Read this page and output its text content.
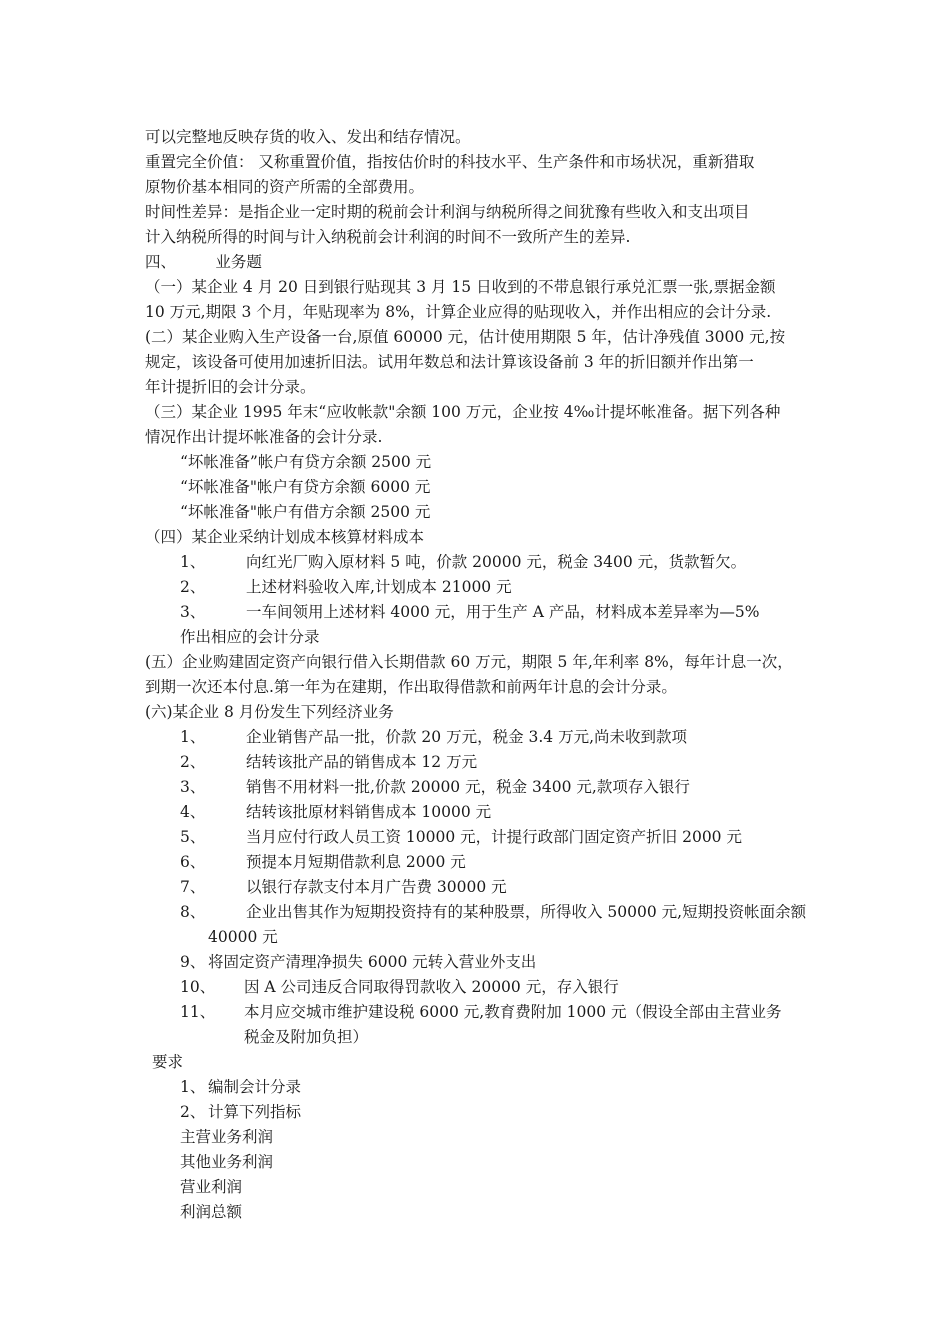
可以完整地反映存货的收入、发出和结存情况。
重置完全价值： 又称重置价值，指按估价时的科技水平、生产条件和市场状况，重新猎取
原物价基本相同的资产所需的全部费用。
时间性差异：是指企业一定时期的税前会计利润与纳税所得之间犹豫有些收入和支出项目
计入纳税所得的时间与计入纳税前会计利润的时间不一致所产生的差异.
四、        业务题
（一）某企业 4 月 20 日到银行贴现其 3 月 15 日收到的不带息银行承兑汇票一张,票据金额
10 万元,期限 3 个月，年贴现率为 8%，计算企业应得的贴现收入，并作出相应的会计分录.
(二）某企业购入生产设备一台,原值 60000 元，估计使用期限 5 年，估计净残值 3000 元,按
规定，该设备可使用加速折旧法。试用年数总和法计算该设备前 3 年的折旧额并作出第一
年计提折旧的会计分录。
（三）某企业 1995 年末“应收帐款"余额 100 万元，企业按 4‰计提坏帐准备。据下列各种
情况作出计提坏帐准备的会计分录.
“坏帐准备”帐户有贷方余额 2500 元
“坏帐准备"帐户有贷方余额 6000 元
“坏帐准备"帐户有借方余额 2500 元
（四）某企业采纳计划成本核算材料成本
1、	向红光厂购入原材料 5 吨，价款 20000 元，税金 3400 元，货款暂欠。
2、	上述材料验收入库,计划成本 21000 元
3、	一车间领用上述材料 4000 元，用于生产 A 产品，材料成本差异率为—5%
作出相应的会计分录
(五）企业购建固定资产向银行借入长期借款 60 万元，期限 5 年,年利率 8%，每年计息一次，
到期一次还本付息.第一年为在建期，作出取得借款和前两年计息的会计分录。
(六)某企业 8 月份发生下列经济业务
1、	企业销售产品一批，价款 20 万元，税金 3.4 万元,尚未收到款项
2、	结转该批产品的销售成本 12 万元
3、	销售不用材料一批,价款 20000 元，税金 3400 元,款项存入银行
4、	结转该批原材料销售成本 10000 元
5、	当月应付行政人员工资 10000 元，计提行政部门固定资产折旧 2000 元
6、	预提本月短期借款利息 2000 元
7、	以银行存款支付本月广告费 30000 元
8、	企业出售其作为短期投资持有的某种股票，所得收入 50000 元,短期投资帐面余额
40000 元
9、 将固定资产清理净损失 6000 元转入营业外支出
10、 因 A 公司违反合同取得罚款收入 20000 元，存入银行
11、 本月应交城市维护建设税 6000 元,教育费附加 1000 元（假设全部由主营业务
税金及附加负担）
要求
1、 编制会计分录
2、 计算下列指标
主营业务利润
其他业务利润
营业利润
利润总额
